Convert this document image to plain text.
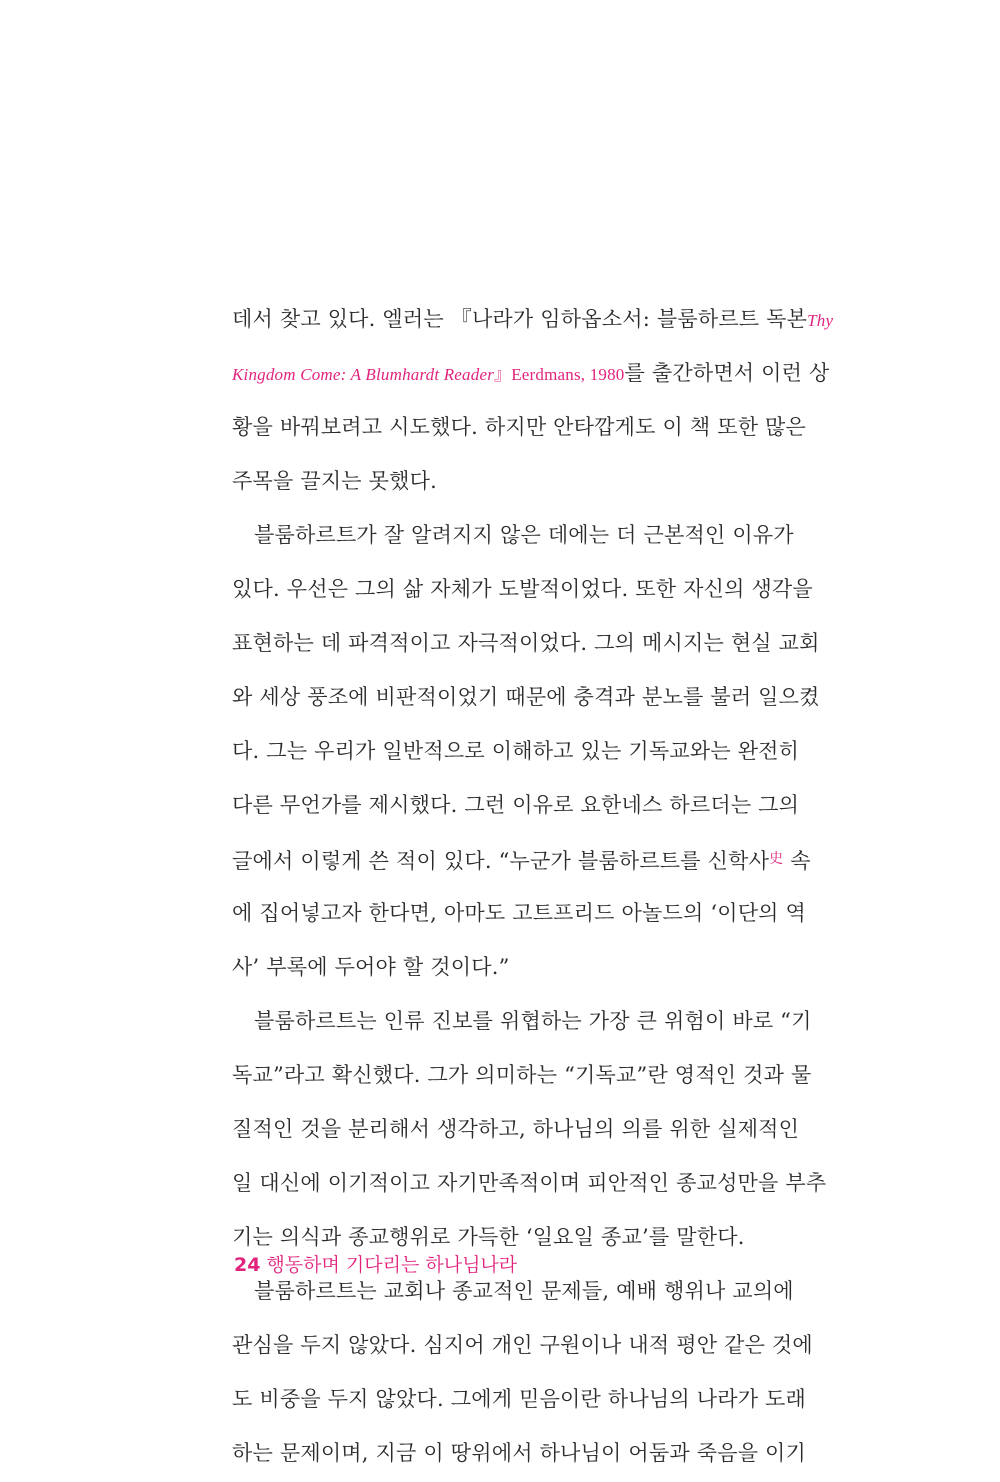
데서 찾고 있다. 엘러는 『나라가 임하옵소서: 블룸하르트 독본Thy
Kingdom Come: A Blumhardt Reader』Eerdmans, 1980를 출간하면서 이런 상
황을 바꿔보려고 시도했다. 하지만 안타깝게도 이 책 또한 많은
주목을 끌지는 못했다.
블룸하르트가 잘 알려지지 않은 데에는 더 근본적인 이유가
있다. 우선은 그의 삶 자체가 도발적이었다. 또한 자신의 생각을
표현하는 데 파격적이고 자극적이었다. 그의 메시지는 현실 교회
와 세상 풍조에 비판적이었기 때문에 충격과 분노를 불러 일으켰
다. 그는 우리가 일반적으로 이해하고 있는 기독교와는 완전히
다른 무언가를 제시했다. 그런 이유로 요한네스 하르더는 그의
글에서 이렇게 쓴 적이 있다. “누군가 블룸하르트를 신학사$^史$ 속
에 집어넣고자 한다면, 아마도 고트프리드 아놀드의 ‘이단의 역
사’ 부록에 두어야 할 것이다.”
블룸하르트는 인류 진보를 위협하는 가장 큰 위험이 바로 “기
독교”라고 확신했다. 그가 의미하는 “기독교”란 영적인 것과 물
질적인 것을 분리해서 생각하고, 하나님의 의를 위한 실제적인
일 대신에 이기적이고 자기만족적이며 피안적인 종교성만을 부추
기는 의식과 종교행위로 가득한 ‘일요일 종교’를 말한다.
블룸하르트는 교회나 종교적인 문제들, 예배 행위나 교의에
관심을 두지 않았다. 심지어 개인 구원이나 내적 평안 같은 것에
도 비중을 두지 않았다. 그에게 믿음이란 하나님의 나라가 도래
하는 문제이며, 지금 이 땅위에서 하나님이 어둠과 죽음을 이기
24 행동하며 기다리는 하나님나라
